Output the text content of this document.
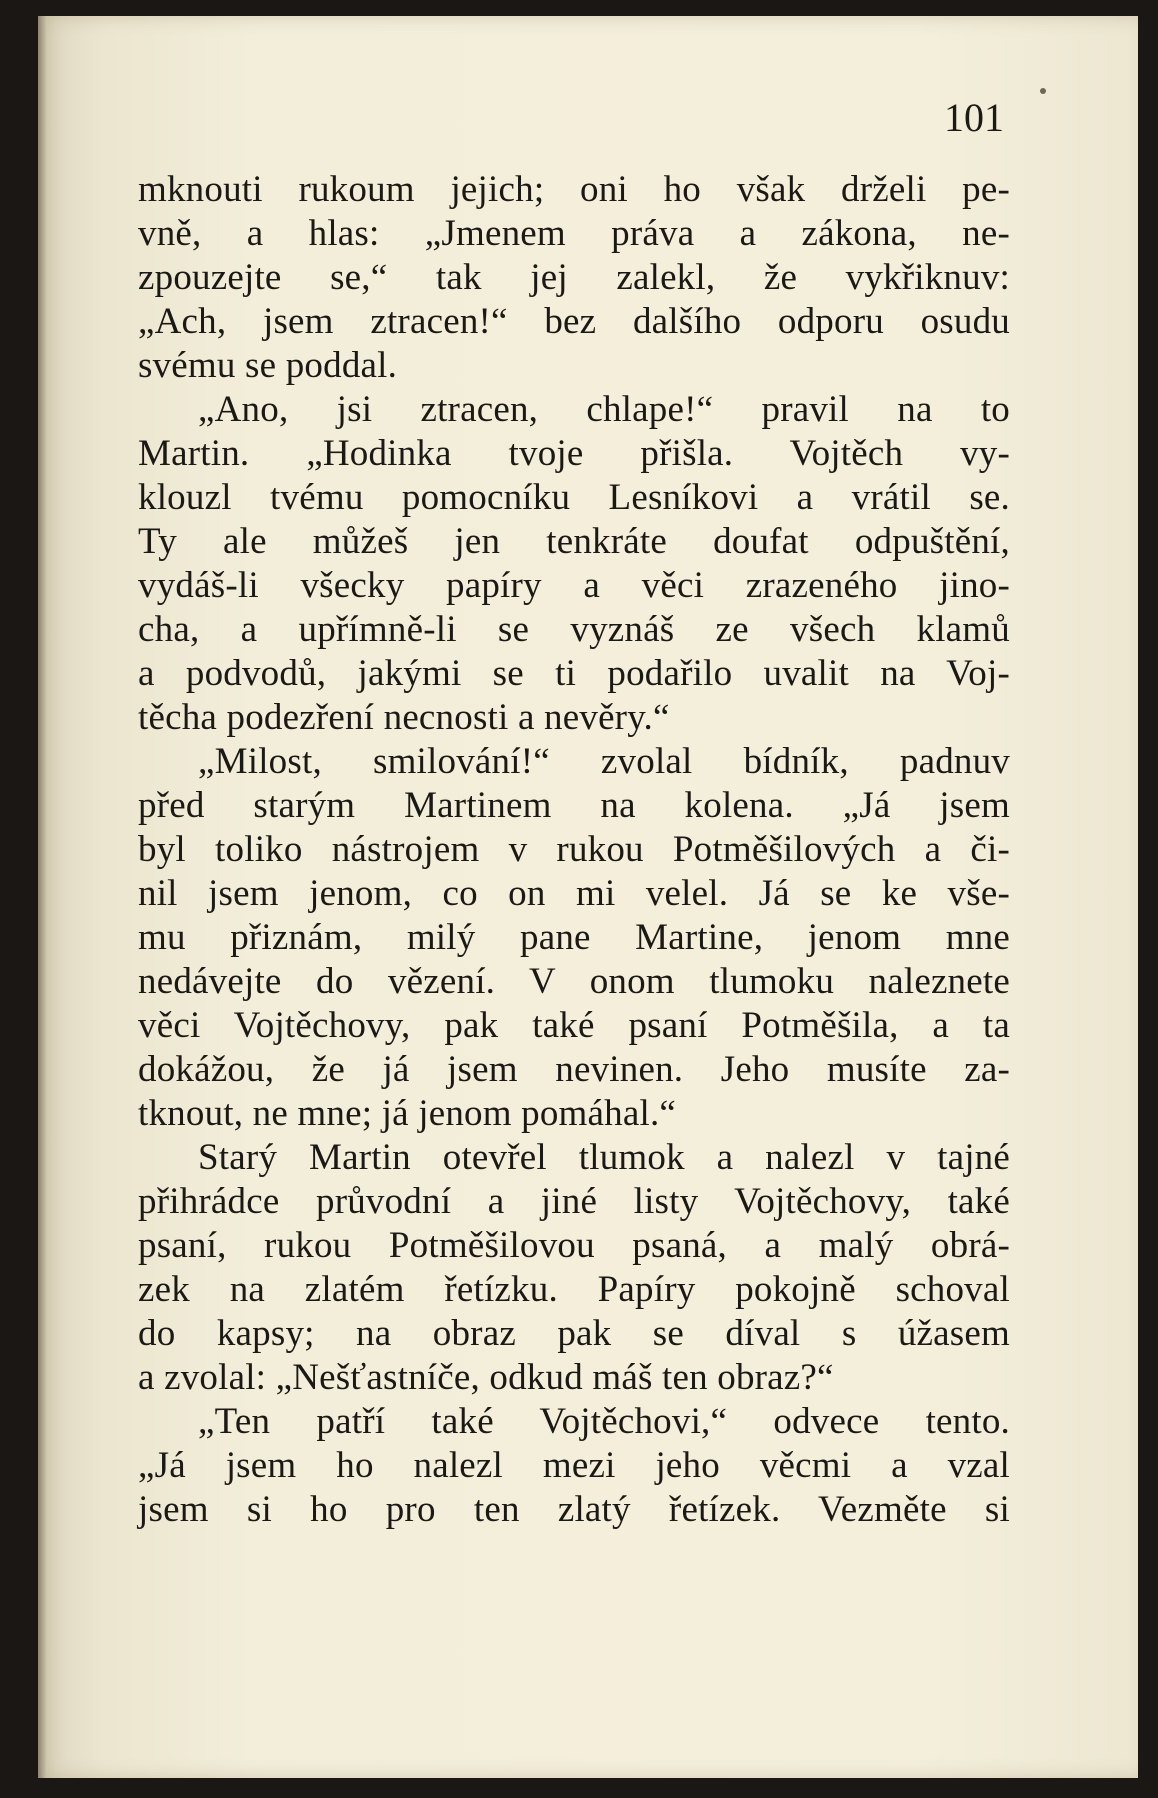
101
mknouti rukoum jejich; oni ho však drželi pe-
vně, a hlas: „Jmenem práva a zákona, ne-
zpouzejte se,“ tak jej zalekl, že vykřiknuv:
„Ach, jsem ztracen!“ bez dalšího odporu osudu
svému se poddal.
„Ano, jsi ztracen, chlape!“ pravil na to
Martin. „Hodinka tvoje přišla. Vojtěch vy-
klouzl tvému pomocníku Lesníkovi a vrátil se.
Ty ale můžeš jen tenkráte doufat odpuštění,
vydáš-li všecky papíry a věci zrazeného jino-
cha, a upřímně-li se vyznáš ze všech klamů
a podvodů, jakými se ti podařilo uvalit na Voj-
těcha podezření necnosti a nevěry.“
„Milost, smilování!“ zvolal bídník, padnuv
před starým Martinem na kolena. „Já jsem
byl toliko nástrojem v rukou Potměšilových a či-
nil jsem jenom, co on mi velel. Já se ke vše-
mu přiznám, milý pane Martine, jenom mne
nedávejte do vězení. V onom tlumoku naleznete
věci Vojtěchovy, pak také psaní Potměšila, a ta
dokážou, že já jsem nevinen. Jeho musíte za-
tknout, ne mne; já jenom pomáhal.“
Starý Martin otevřel tlumok a nalezl v tajné
přihrádce průvodní a jiné listy Vojtěchovy, také
psaní, rukou Potměšilovou psaná, a malý obrá-
zek na zlatém řetízku. Papíry pokojně schoval
do kapsy; na obraz pak se díval s úžasem
a zvolal: „Nešťastníče, odkud máš ten obraz?“
„Ten patří také Vojtěchovi,“ odvece tento.
„Já jsem ho nalezl mezi jeho věcmi a vzal
jsem si ho pro ten zlatý řetízek. Vezměte si
